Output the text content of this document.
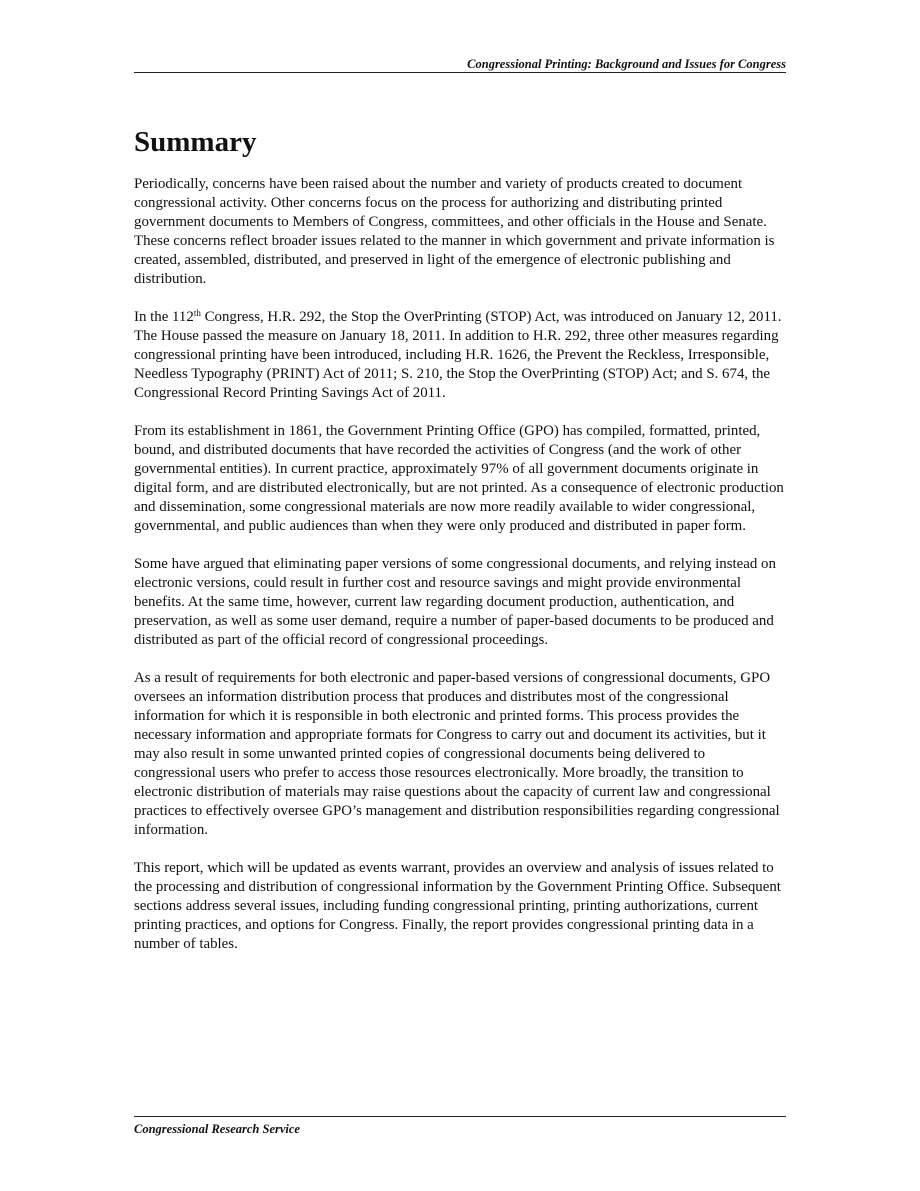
Congressional Printing: Background and Issues for Congress
Summary

Periodically, concerns have been raised about the number and variety of products created to document congressional activity. Other concerns focus on the process for authorizing and distributing printed government documents to Members of Congress, committees, and other officials in the House and Senate. These concerns reflect broader issues related to the manner in which government and private information is created, assembled, distributed, and preserved in light of the emergence of electronic publishing and distribution.

In the 112th Congress, H.R. 292, the Stop the OverPrinting (STOP) Act, was introduced on January 12, 2011. The House passed the measure on January 18, 2011. In addition to H.R. 292, three other measures regarding congressional printing have been introduced, including H.R. 1626, the Prevent the Reckless, Irresponsible, Needless Typography (PRINT) Act of 2011; S. 210, the Stop the OverPrinting (STOP) Act; and S. 674, the Congressional Record Printing Savings Act of 2011.

From its establishment in 1861, the Government Printing Office (GPO) has compiled, formatted, printed, bound, and distributed documents that have recorded the activities of Congress (and the work of other governmental entities). In current practice, approximately 97% of all government documents originate in digital form, and are distributed electronically, but are not printed. As a consequence of electronic production and dissemination, some congressional materials are now more readily available to wider congressional, governmental, and public audiences than when they were only produced and distributed in paper form.

Some have argued that eliminating paper versions of some congressional documents, and relying instead on electronic versions, could result in further cost and resource savings and might provide environmental benefits. At the same time, however, current law regarding document production, authentication, and preservation, as well as some user demand, require a number of paper-based documents to be produced and distributed as part of the official record of congressional proceedings.

As a result of requirements for both electronic and paper-based versions of congressional documents, GPO oversees an information distribution process that produces and distributes most of the congressional information for which it is responsible in both electronic and printed forms. This process provides the necessary information and appropriate formats for Congress to carry out and document its activities, but it may also result in some unwanted printed copies of congressional documents being delivered to congressional users who prefer to access those resources electronically. More broadly, the transition to electronic distribution of materials may raise questions about the capacity of current law and congressional practices to effectively oversee GPO’s management and distribution responsibilities regarding congressional information.

This report, which will be updated as events warrant, provides an overview and analysis of issues related to the processing and distribution of congressional information by the Government Printing Office. Subsequent sections address several issues, including funding congressional printing, printing authorizations, current printing practices, and options for Congress. Finally, the report provides congressional printing data in a number of tables.

Congressional Research Service
